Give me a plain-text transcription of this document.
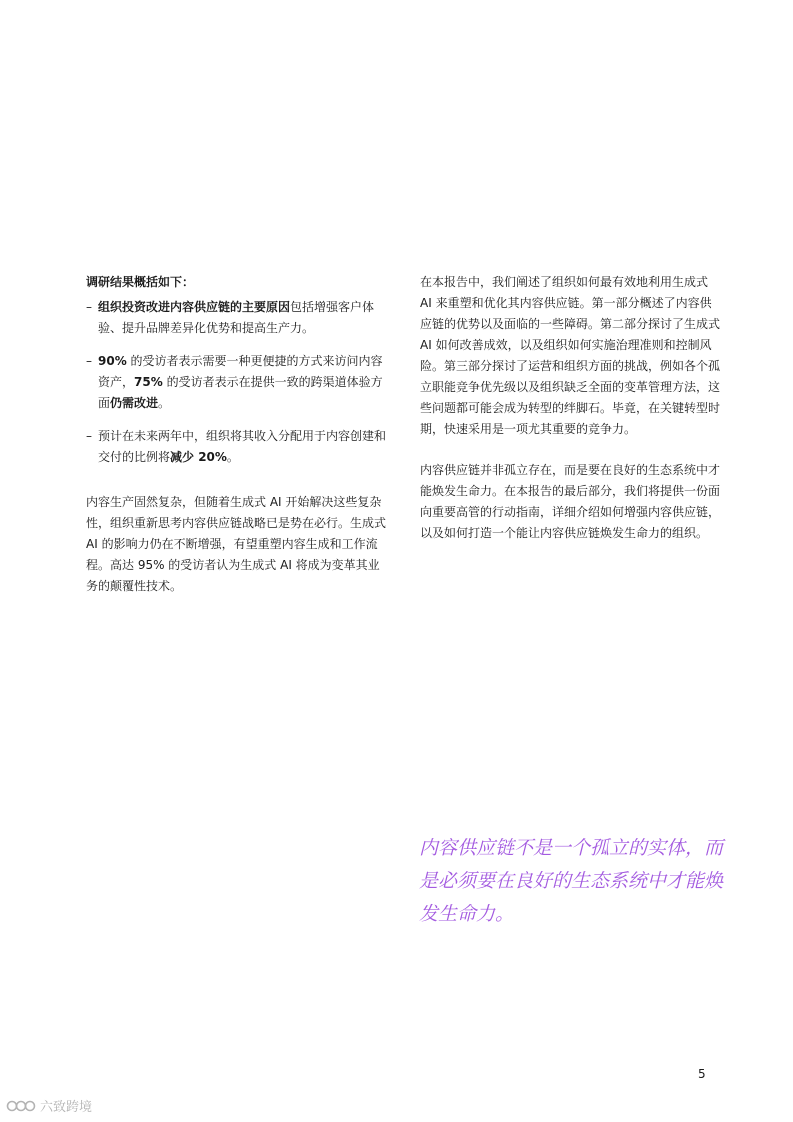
调研结果概括如下：
– 组织投资改进内容供应链的主要原因包括增强客户体验、提升品牌差异化优势和提高生产力。
– 90% 的受访者表示需要一种更便捷的方式来访问内容资产，75% 的受访者表示在提供一致的跨渠道体验方面仍需改进。
– 预计在未来两年中，组织将其收入分配用于内容创建和交付的比例将减少 20%。

内容生产固然复杂，但随着生成式 AI 开始解决这些复杂性，组织重新思考内容供应链战略已是势在必行。生成式 AI 的影响力仍在不断增强，有望重塑内容生成和工作流程。高达 95% 的受访者认为生成式 AI 将成为变革其业务的颠覆性技术。

在本报告中，我们阐述了组织如何最有效地利用生成式 AI 来重塑和优化其内容供应链。第一部分概述了内容供应链的优势以及面临的一些障碍。第二部分探讨了生成式 AI 如何改善成效，以及组织如何实施治理准则和控制风险。第三部分探讨了运营和组织方面的挑战，例如各个孤立职能竞争优先级以及组织缺乏全面的变革管理方法，这些问题都可能会成为转型的绊脚石。毕竟，在关键转型时期，快速采用是一项尤其重要的竞争力。

内容供应链并非孤立存在，而是要在良好的生态系统中才能焕发生命力。在本报告的最后部分，我们将提供一份面向重要高管的行动指南，详细介绍如何增强内容供应链，以及如何打造一个能让内容供应链焕发生命力的组织。

内容供应链不是一个孤立的实体，而是必须要在良好的生态系统中才能焕发生命力。
5
六致跨境
